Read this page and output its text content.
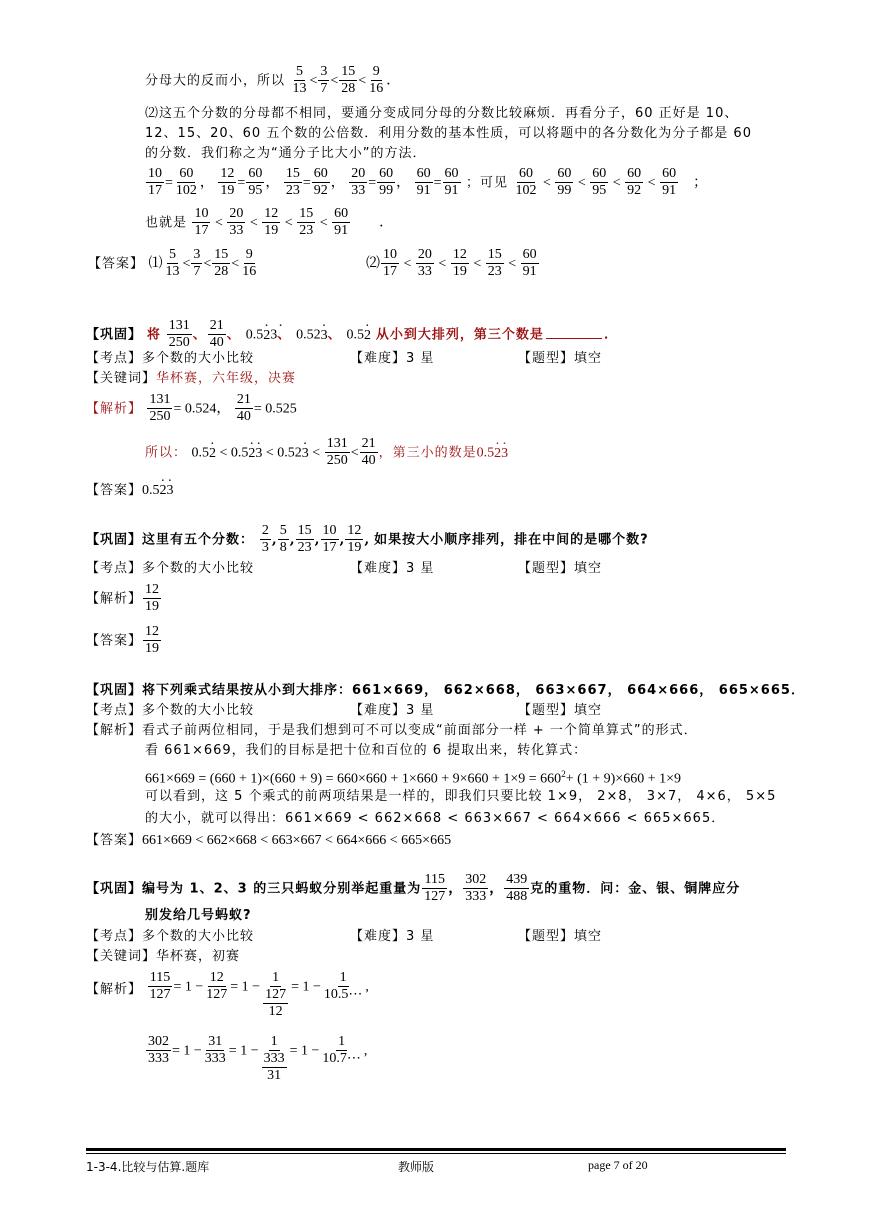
分母大的反而小，所以 $\frac{5}{13} < \frac{3}{7} < \frac{15}{28} < \frac{9}{16}$ ．
⑵这五个分数的分母都不相同，要通分变成同分母的分数比较麻烦．再看分子，60 正好是 10、
12、15、20、60 五个数的公倍数．利用分数的基本性质，可以将题中的各分数化为分子都是 60
的分数．我们称之为“通分子比大小”的方法．
$\frac{10}{17} = \frac{60}{102}$ ， $\frac{12}{19} = \frac{60}{95}$ ， $\frac{15}{23} = \frac{60}{92}$ ， $\frac{20}{33} = \frac{60}{99}$ ， $\frac{60}{91} = \frac{60}{91}$ ；可见 $\frac{60}{102} < \frac{60}{99} < \frac{60}{95} < \frac{60}{92} < \frac{60}{91}$ 　；
也就是 $\frac{10}{17} < \frac{20}{33} < \frac{12}{19} < \frac{15}{23} < \frac{60}{91}$ 　　．
【答案】 ⑴ $\frac{5}{13} < \frac{3}{7} < \frac{15}{28} < \frac{9}{16}$	⑵ $\frac{10}{17} < \frac{20}{33} < \frac{12}{19} < \frac{15}{23} < \frac{60}{91}$
【巩固】 将 $\frac{131}{250}$ 、 $\frac{21}{40}$ 、 0.52 ·3、 0.523 ·、 0.52 · 从小到大排列，第三个数是	．
【考点】多个数的大小比较	【难度】3 星	【题型】填空
【关键词】华杯赛，六年级，决赛
【解析】 $\frac{131}{250} = 0.524$， $\frac{21}{40} = 0.525$
所以： 0.52 · < 0.52 ·3 · < 0.523 · < $\frac{131}{250} < \frac{21}{40}$ ，第三小的数是0.52 ·3 ·
【答案】0.52 ·3 ·
【巩固】这里有五个分数： $\frac{2}{3}$ , $\frac{5}{8}$ , $\frac{15}{23}$ , $\frac{10}{17}$ , $\frac{12}{19}$ , 如果按大小顺序排列，排在中间的是哪个数?
【考点】多个数的大小比较	【难度】3 星	【题型】填空
【解析】 $\frac{12}{19}$
【答案】 $\frac{12}{19}$
【巩固】将下列乘式结果按从小到大排序：661×669， 662×668， 663×667， 664×666， 665×665．
【考点】多个数的大小比较	【难度】3 星	【题型】填空
【解析】看式子前两位相同，于是我们想到可不可以变成“前面部分一样 + 一个简单算式”的形式．
看 661×669，我们的目标是把十位和百位的 6 提取出来，转化算式：
$661\times 669 = (660 + 1)\times(660 + 9) = 660\times 660 + 1\times 660 + 9\times 660 + 1\times 9 = 660^2+ (1 + 9)\times 660 + 1\times 9$
可以看到，这 5 个乘式的前两项结果是一样的，即我们只要比较 1×9， 2×8， 3×7， 4×6， 5×5
的大小，就可以得出：661×669 < 662×668 < 663×667 < 664×666 < 665×665．
【答案】661×669 < 662×668 < 663×667 < 664×666 < 665×665
【巩固】编号为 1、2、3 的三只蚂蚁分别举起重量为 $\frac{115}{127}$ ， $\frac{302}{333}$ ， $\frac{439}{488}$ 克的重物．问：金、银、铜牌应分
别发给几号蚂蚁?
【考点】多个数的大小比较	【难度】3 星	【题型】填空
【关键词】华杯赛，初赛
【解析】 $\frac{115}{127} = 1 - \frac{12}{127} = 1 - 1$
127
$12 = 1 - \frac{1}{10.5\cdots}$ ,
$\frac{302}{333} = 1 - \frac{31}{333} = 1 - 1$
333
$31 = 1 - \frac{1}{10.7\cdots}$ ,
1-3-4.比较与估算.题库	教师版	page 7 of 20
